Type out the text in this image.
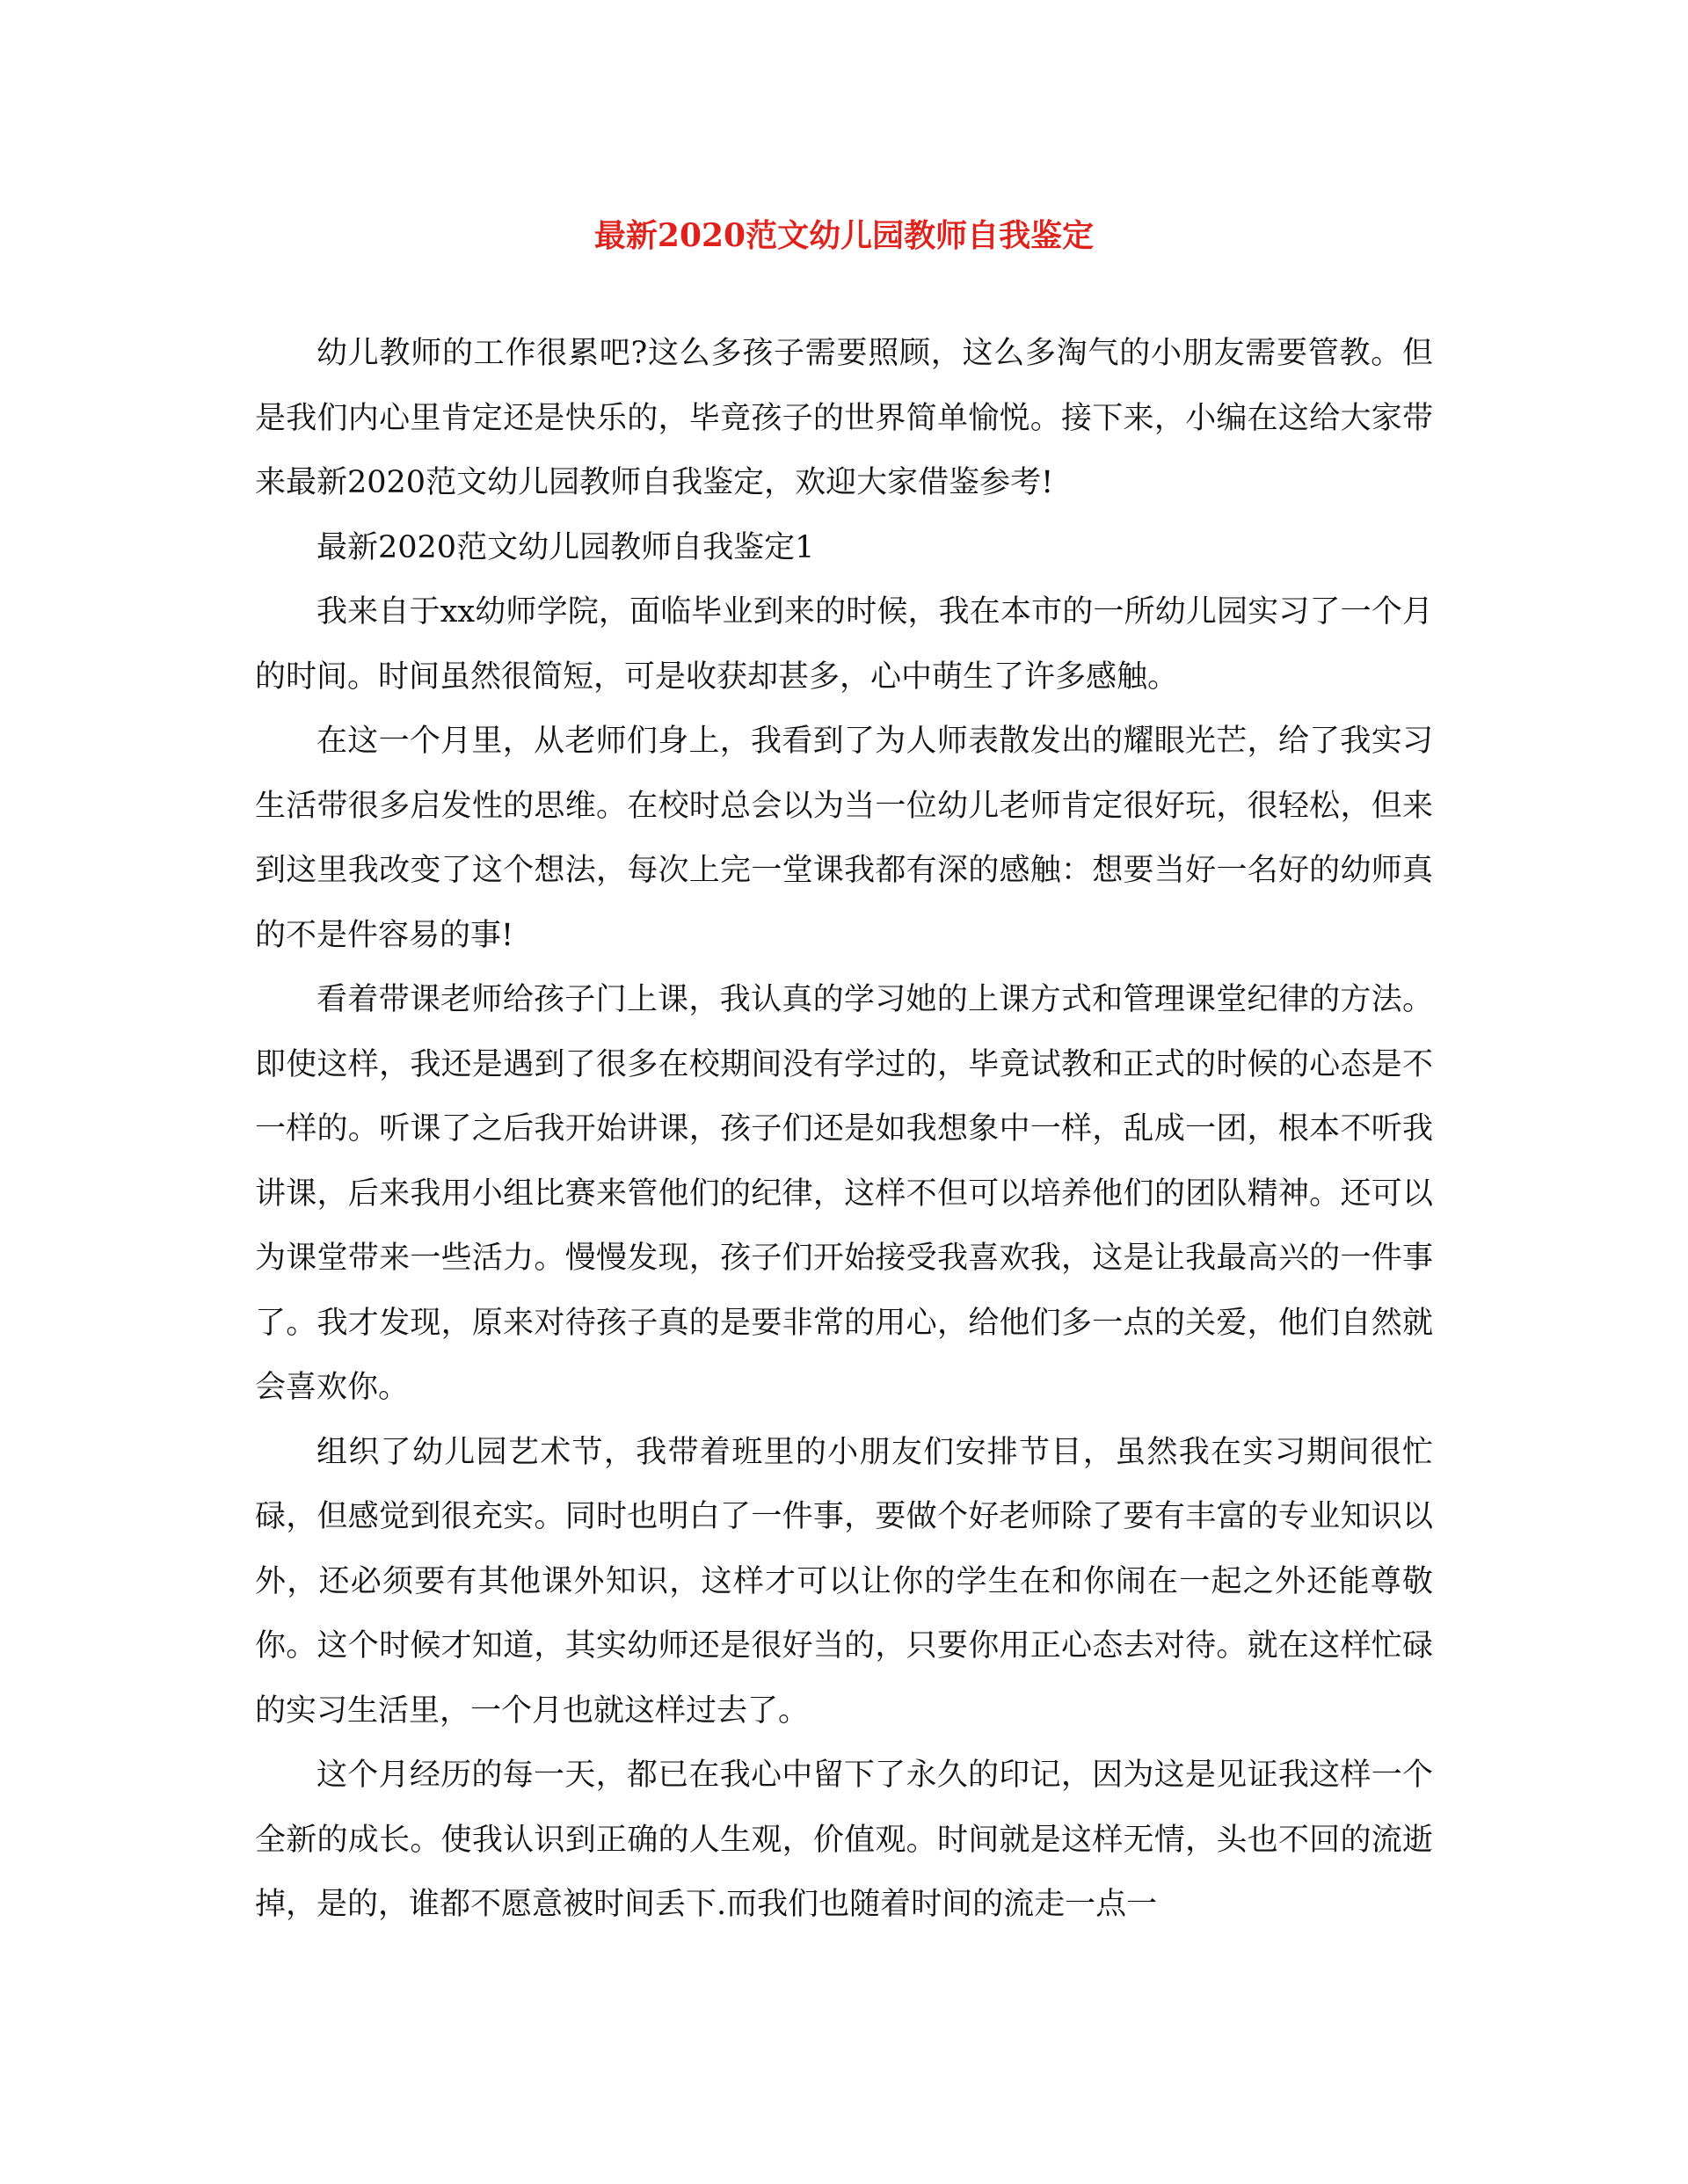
最新2020范文幼儿园教师自我鉴定

幼儿教师的工作很累吧?这么多孩子需要照顾，这么多淘气的小朋友需要管教。但是我们内心里肯定还是快乐的，毕竟孩子的世界简单愉悦。接下来，小编在这给大家带来最新2020范文幼儿园教师自我鉴定，欢迎大家借鉴参考!

最新2020范文幼儿园教师自我鉴定1

我来自于xx幼师学院，面临毕业到来的时候，我在本市的一所幼儿园实习了一个月的时间。时间虽然很简短，可是收获却甚多，心中萌生了许多感触。

在这一个月里，从老师们身上，我看到了为人师表散发出的耀眼光芒，给了我实习生活带很多启发性的思维。在校时总会以为当一位幼儿老师肯定很好玩，很轻松，但来到这里我改变了这个想法，每次上完一堂课我都有深的感触：想要当好一名好的幼师真的不是件容易的事!

看着带课老师给孩子门上课，我认真的学习她的上课方式和管理课堂纪律的方法。即使这样，我还是遇到了很多在校期间没有学过的，毕竟试教和正式的时候的心态是不一样的。听课了之后我开始讲课，孩子们还是如我想象中一样，乱成一团，根本不听我讲课，后来我用小组比赛来管他们的纪律，这样不但可以培养他们的团队精神。还可以为课堂带来一些活力。慢慢发现，孩子们开始接受我喜欢我，这是让我最高兴的一件事了。我才发现，原来对待孩子真的是要非常的用心，给他们多一点的关爱，他们自然就会喜欢你。

组织了幼儿园艺术节，我带着班里的小朋友们安排节目，虽然我在实习期间很忙碌，但感觉到很充实。同时也明白了一件事，要做个好老师除了要有丰富的专业知识以外，还必须要有其他课外知识，这样才可以让你的学生在和你闹在一起之外还能尊敬你。这个时候才知道，其实幼师还是很好当的，只要你用正心态去对待。就在这样忙碌的实习生活里，一个月也就这样过去了。

这个月经历的每一天，都已在我心中留下了永久的印记，因为这是见证我这样一个全新的成长。使我认识到正确的人生观，价值观。时间就是这样无情，头也不回的流逝掉，是的，谁都不愿意被时间丢下.而我们也随着时间的流走一点一
